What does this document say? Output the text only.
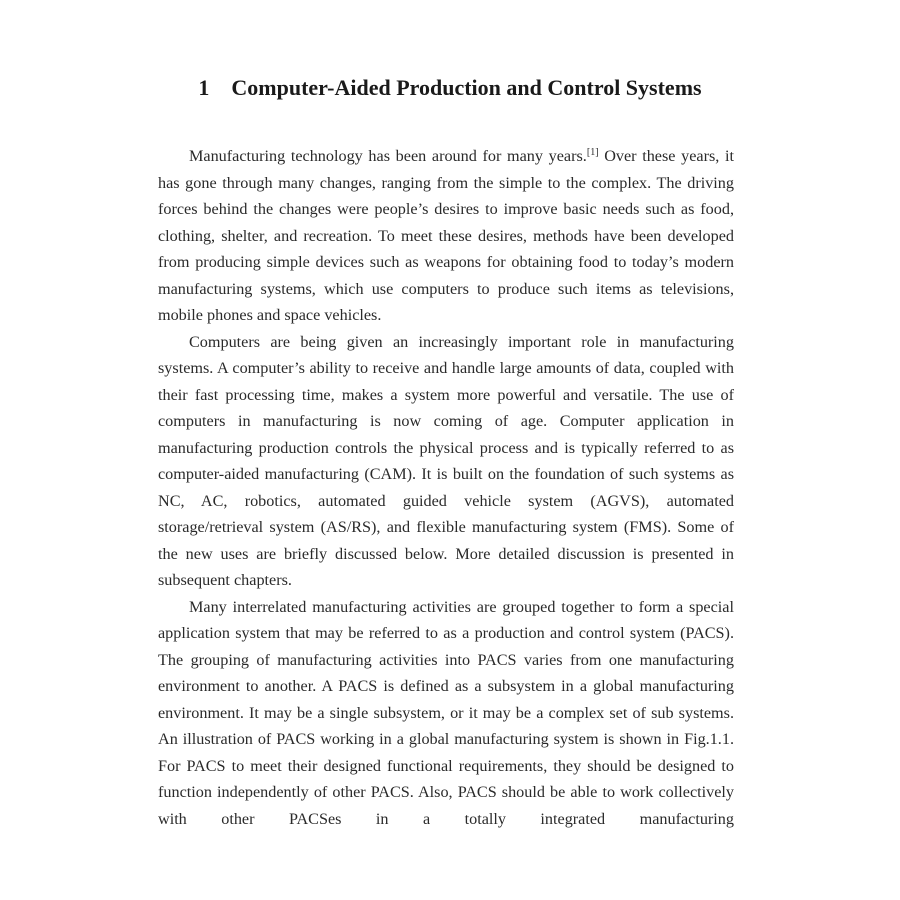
1 Computer-Aided Production and Control Systems

Manufacturing technology has been around for many years.[1] Over these years, it has gone through many changes, ranging from the simple to the complex. The driving forces behind the changes were people’s desires to improve basic needs such as food, clothing, shelter, and recreation. To meet these desires, methods have been developed from producing simple devices such as weapons for obtaining food to today’s modern manufacturing systems, which use computers to produce such items as televisions, mobile phones and space vehicles.

Computers are being given an increasingly important role in manufacturing systems. A computer’s ability to receive and handle large amounts of data, coupled with their fast processing time, makes a system more powerful and versatile. The use of computers in manufacturing is now coming of age. Computer application in manufacturing production controls the physical process and is typically referred to as computer-aided manufacturing (CAM). It is built on the foundation of such systems as NC, AC, robotics, automated guided vehicle system (AGVS), automated storage/retrieval system (AS/RS), and flexible manufacturing system (FMS). Some of the new uses are briefly discussed below. More detailed discussion is presented in subsequent chapters.

Many interrelated manufacturing activities are grouped together to form a special application system that may be referred to as a production and control system (PACS). The grouping of manufacturing activities into PACS varies from one manufacturing environment to another. A PACS is defined as a subsystem in a global manufacturing environment. It may be a single subsystem, or it may be a complex set of sub systems. An illustration of PACS working in a global manufacturing system is shown in Fig.1.1. For PACS to meet their designed functional requirements, they should be designed to function independently of other PACS. Also, PACS should be able to work collectively with other PACSes in a totally integrated manufacturing
